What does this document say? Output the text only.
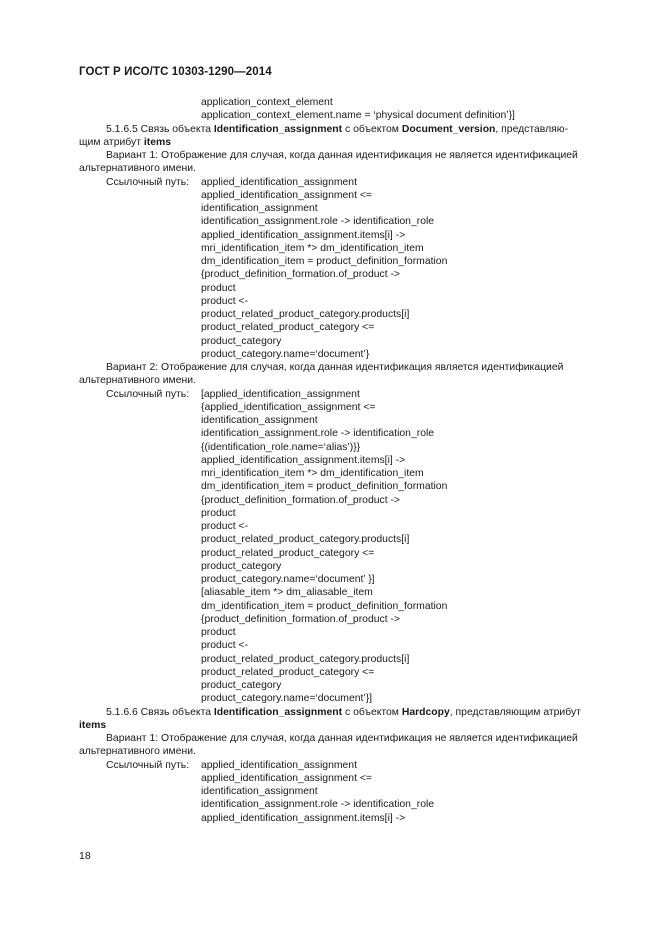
ГОСТ Р ИСО/ТС 10303-1290—2014
application_context_element
application_context_element.name = ‘physical document definition’}]
5.1.6.5 Связь объекта Identification_assignment с объектом Document_version, представляю-
щим атрибут items
Вариант 1: Отображение для случая, когда данная идентификация не является идентификацией
альтернативного имени.
Ссылочный путь: applied_identification_assignment
applied_identification_assignment <=
identification_assignment
identification_assignment.role -> identification_role
applied_identification_assignment.items[i] ->
mri_identification_item *> dm_identification_item
dm_identification_item = product_definition_formation
{product_definition_formation.of_product ->
product
product <-
product_related_product_category.products[i]
product_related_product_category <=
product_category
product_category.name=‘document’}
Вариант 2: Отображение для случая, когда данная идентификация является идентификацией
альтернативного имени.
Ссылочный путь: [applied_identification_assignment
{applied_identification_assignment <=
identification_assignment
identification_assignment.role -> identification_role
{(identification_role.name=‘alias’)}}
applied_identification_assignment.items[i] ->
mri_identification_item *> dm_identification_item
dm_identification_item = product_definition_formation
{product_definition_formation.of_product ->
product
product <-
product_related_product_category.products[i]
product_related_product_category <=
product_category
product_category.name=‘document’ }]
[aliasable_item *> dm_aliasable_item
dm_identification_item = product_definition_formation
{product_definition_formation.of_product ->
product
product <-
product_related_product_category.products[i]
product_related_product_category <=
product_category
product_category.name=‘document’}]
5.1.6.6 Связь объекта Identification_assignment с объектом Hardcopy, представляющим атрибут
items
Вариант 1: Отображение для случая, когда данная идентификация не является идентификацией
альтернативного имени.
Ссылочный путь: applied_identification_assignment
applied_identification_assignment <=
identification_assignment
identification_assignment.role -> identification_role
applied_identification_assignment.items[i] ->
18
